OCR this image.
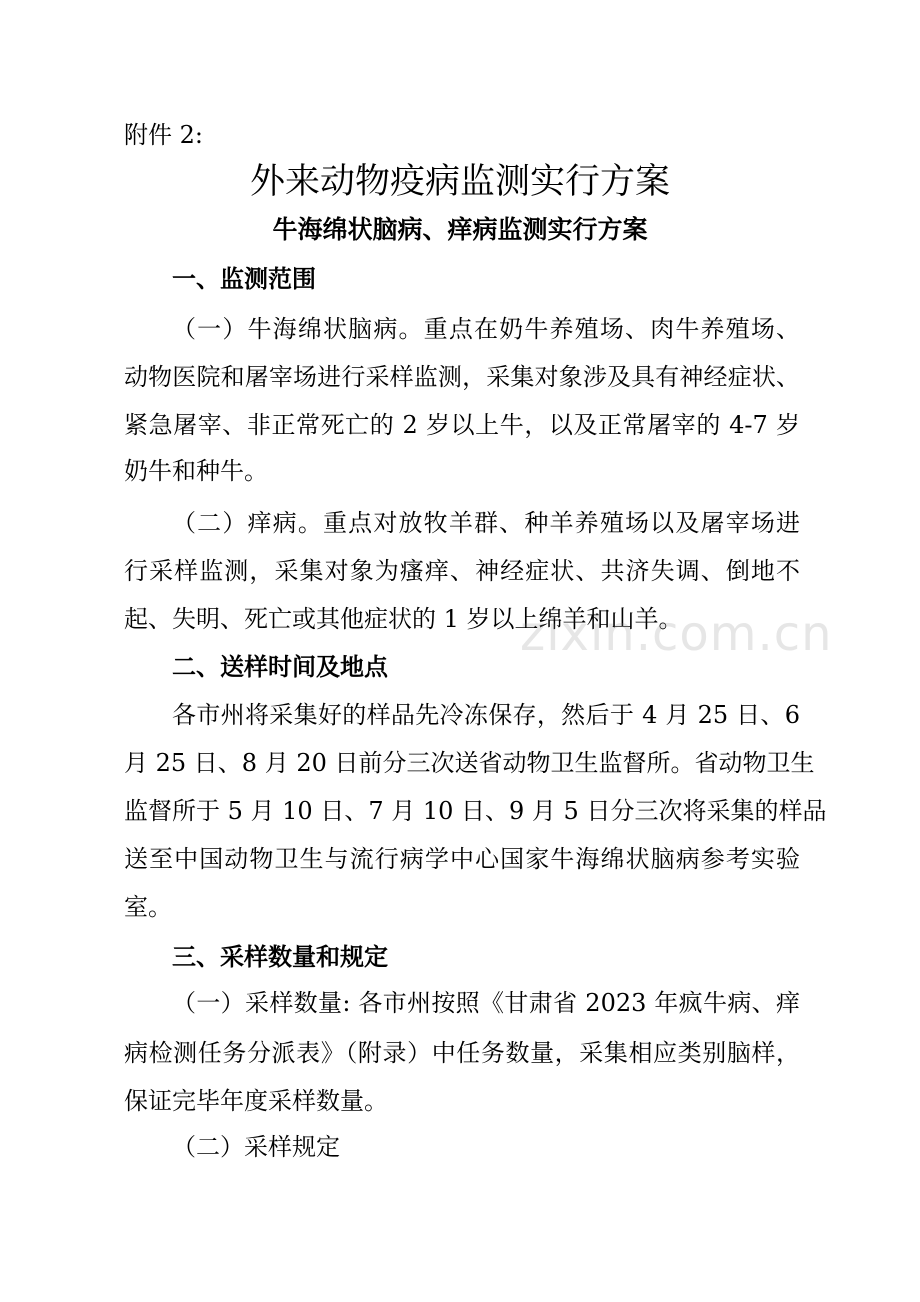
附件 2:
外来动物疫病监测实行方案
牛海绵状脑病、痒病监测实行方案
一、监测范围
（一）牛海绵状脑病。重点在奶牛养殖场、肉牛养殖场、
动物医院和屠宰场进行采样监测，采集对象涉及具有神经症状、
紧急屠宰、非正常死亡的 2 岁以上牛，以及正常屠宰的 4-7 岁
奶牛和种牛。
（二）痒病。重点对放牧羊群、种羊养殖场以及屠宰场进
行采样监测，采集对象为瘙痒、神经症状、共济失调、倒地不
起、失明、死亡或其他症状的 1 岁以上绵羊和山羊。
二、送样时间及地点
各市州将采集好的样品先冷冻保存，然后于 4 月 25 日、6
月 25 日、8 月 20 日前分三次送省动物卫生监督所。省动物卫生
监督所于 5 月 10 日、7 月 10 日、9 月 5 日分三次将采集的样品
送至中国动物卫生与流行病学中心国家牛海绵状脑病参考实验
室。
三、采样数量和规定
（一）采样数量: 各市州按照《甘肃省 2023 年疯牛病、痒
病检测任务分派表》（附录）中任务数量，采集相应类别脑样，
保证完毕年度采样数量。
（二）采样规定
zixin.com.cn
